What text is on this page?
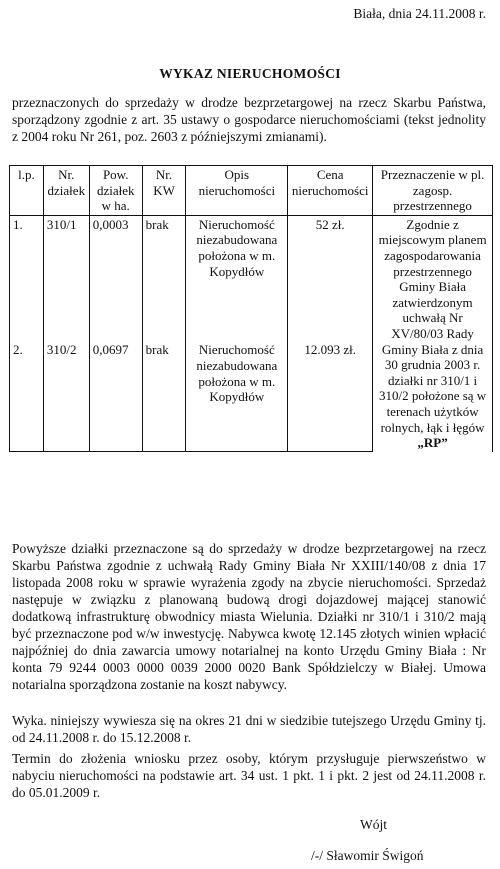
Biała, dnia 24.11.2008 r.
WYKAZ NIERUCHOMOŚCI
przeznaczonych do sprzedaży w drodze bezprzetargowej na rzecz Skarbu Państwa, sporządzony zgodnie z art. 35 ustawy o gospodarce nieruchomościami (tekst jednolity z 2004 roku Nr 261, poz. 2603 z późniejszymi zmianami).
l.p.	Nr. działek	Pow. działek w ha.	Nr. KW	Opis nieruchomości	Cena nieruchomości	Przeznaczenie w pl. zagosp. przestrzennego
1.	310/1	0,0003	brak	Nieruchomość niezabudowana położona w m. Kopydłów	52 zł.	Zgodnie z miejscowym planem zagospodarowania przestrzennego Gminy Biała zatwierdzonym uchwałą Nr XV/80/03 Rady Gminy Biała z dnia 30 grudnia 2003 r. działki nr 310/1 i 310/2 położone są w terenach użytków rolnych, łąk i łęgów „RP”

2.	310/2	0,0697	brak	Nieruchomość niezabudowana położona w m. Kopydłów	12.093 zł.	
Powyższe działki przeznaczone są do sprzedaży w drodze bezprzetargowej na rzecz Skarbu Państwa zgodnie z uchwałą Rady Gminy Biała Nr XXIII/140/08 z dnia 17 listopada 2008 roku w sprawie wyrażenia zgody na zbycie nieruchomości. Sprzedaż następuje w związku z planowaną budową drogi dojazdowej mającej stanowić dodatkową infrastrukturę obwodnicy miasta Wielunia. Działki nr 310/1 i 310/2 mają być przeznaczone pod w/w inwestycję. Nabywca kwotę 12.145 złotych winien wpłacić najpóźniej do dnia zawarcia umowy notarialnej na konto Urzędu Gminy Biała : Nr konta 79 9244 0003 0000 0039 2000 0020 Bank Spółdzielczy w Białej. Umowa notarialna sporządzona zostanie na koszt nabywcy.
Wyka. niniejszy wywiesza się na okres 21 dni w siedzibie tutejszego Urzędu Gminy tj. od 24.11.2008 r. do 15.12.2008 r.
Termin do złożenia wniosku przez osoby, którym przysługuje pierwszeństwo w nabyciu nieruchomości na podstawie art. 34 ust. 1 pkt. 1 i pkt. 2 jest od 24.11.2008 r. do 05.01.2009 r.
Wójt
/-/ Sławomir Świgoń
